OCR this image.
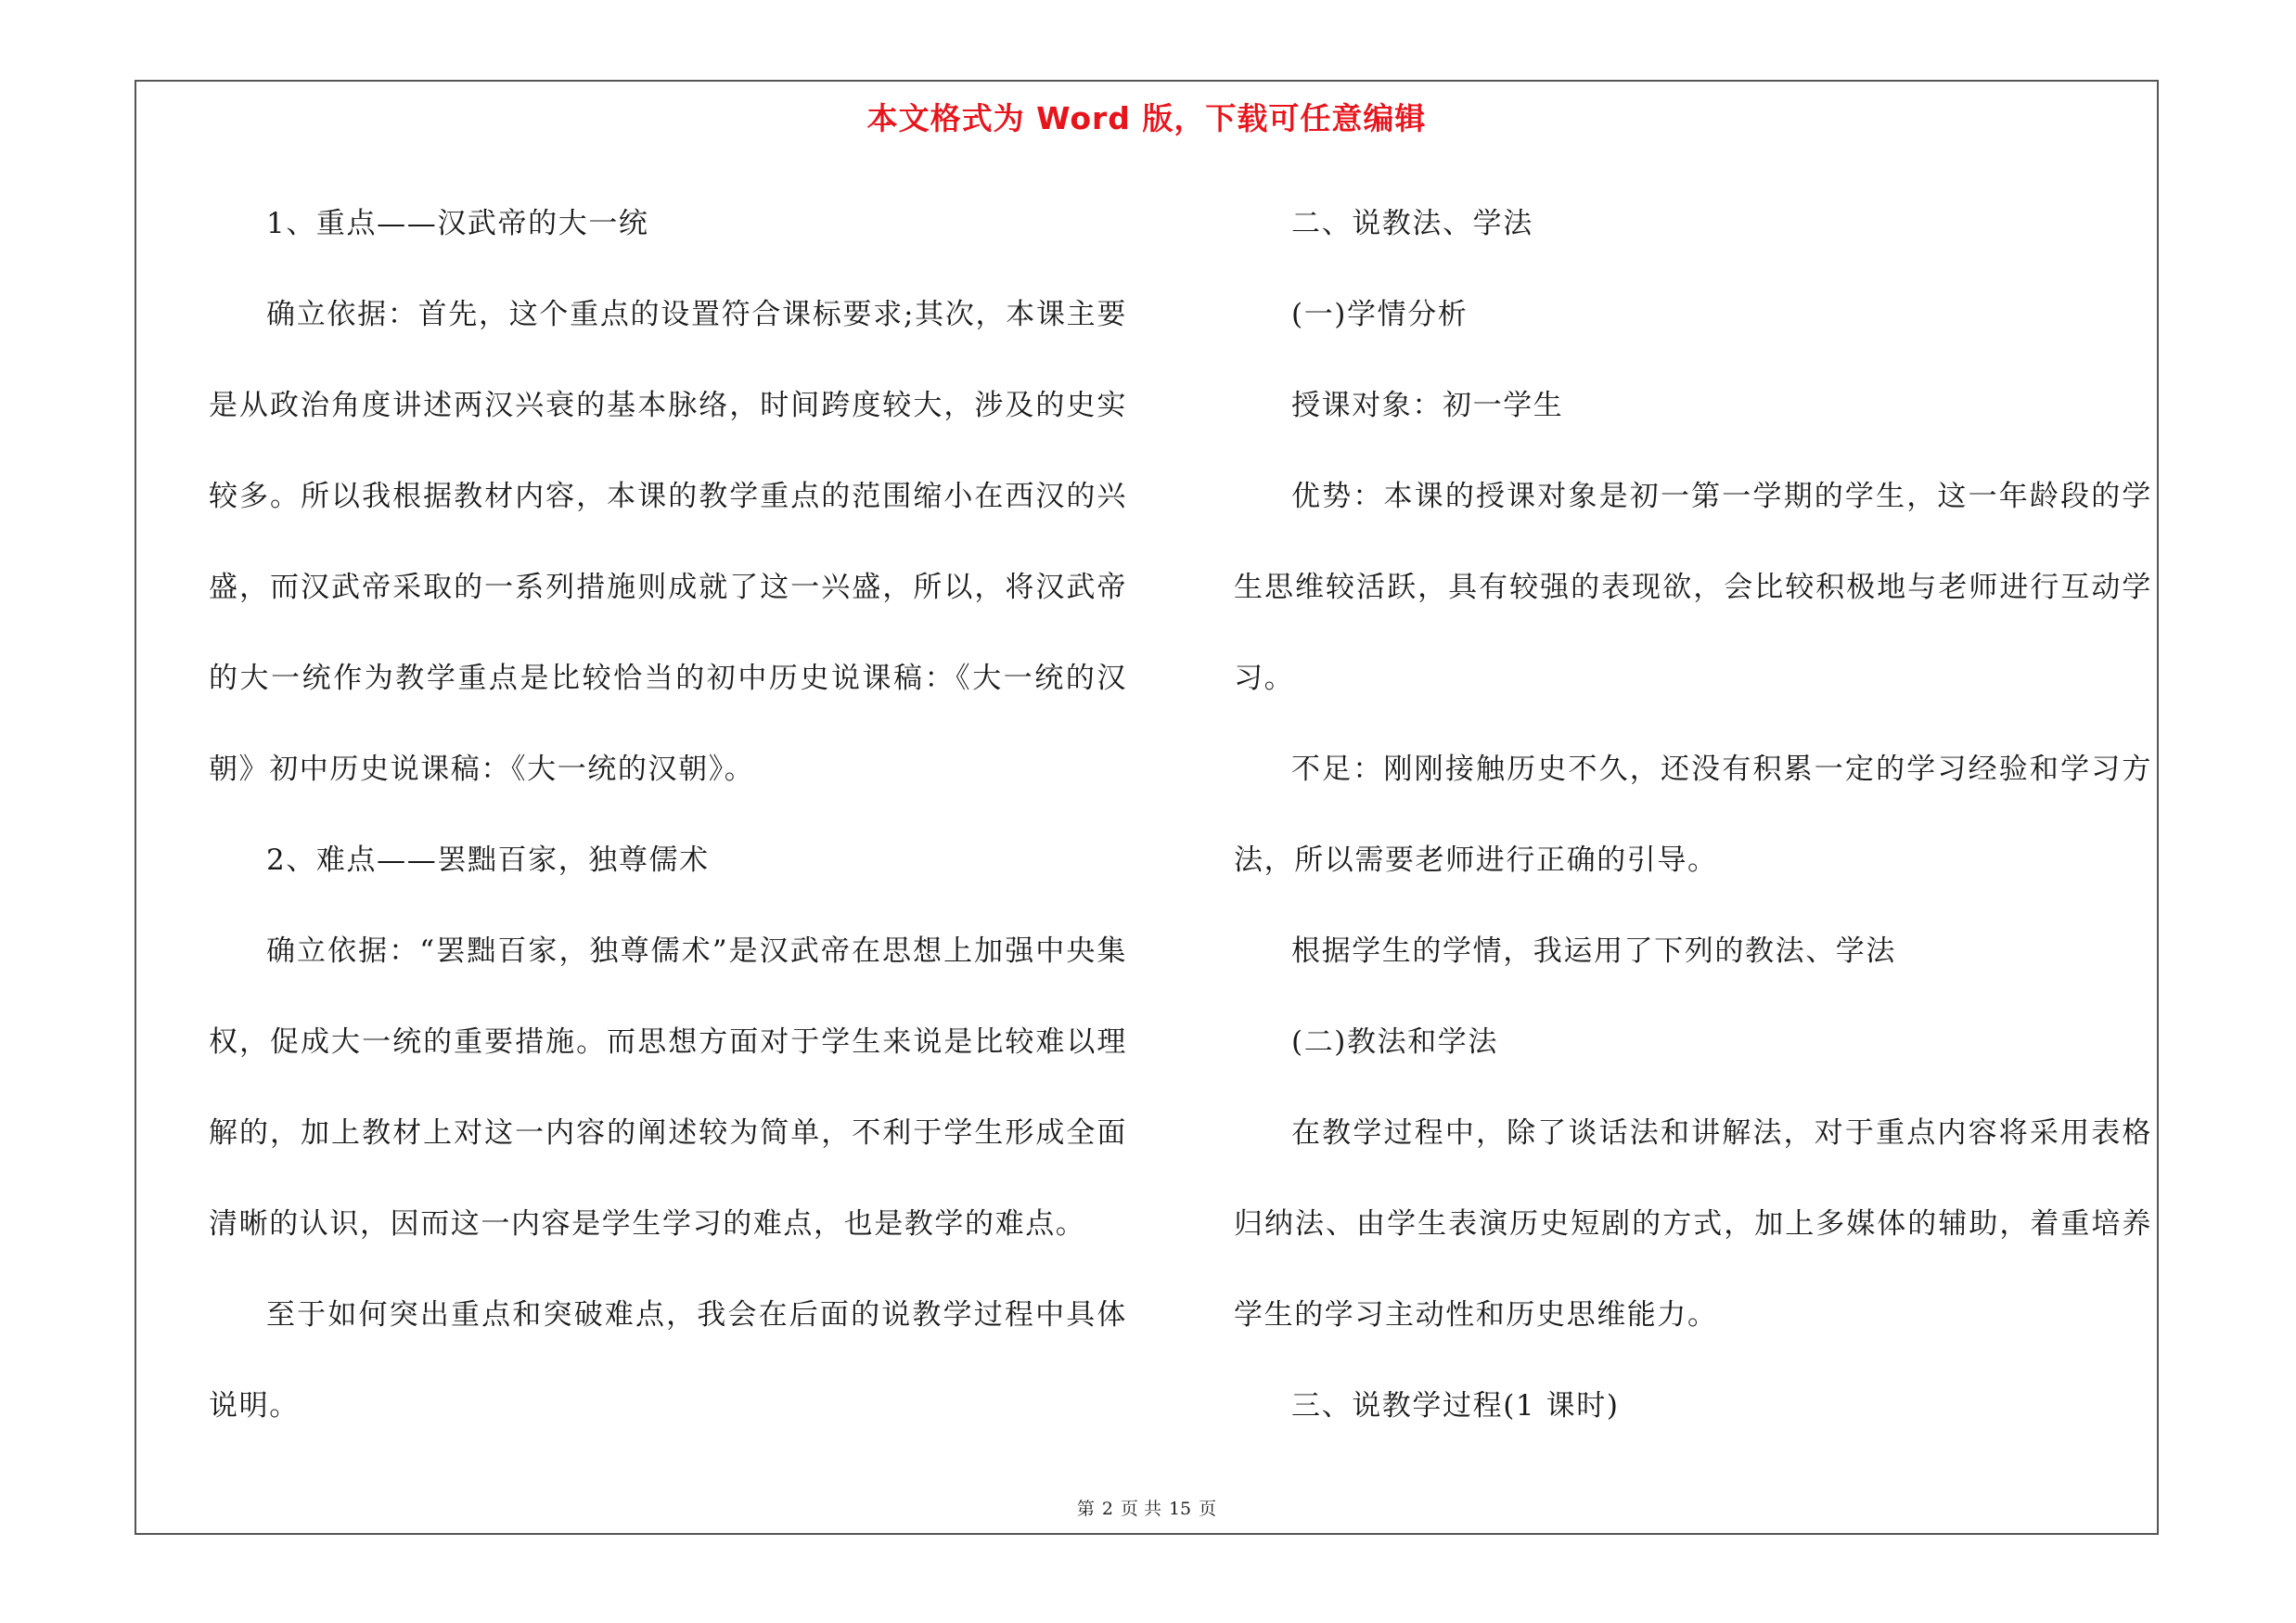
本文格式为 Word 版，下载可任意编辑

1、重点——汉武帝的大一统

确立依据：首先，这个重点的设置符合课标要求;其次，本课主要是从政治角度讲述两汉兴衰的基本脉络，时间跨度较大，涉及的史实较多。所以我根据教材内容，本课的教学重点的范围缩小在西汉的兴盛，而汉武帝采取的一系列措施则成就了这一兴盛，所以，将汉武帝的大一统作为教学重点是比较恰当的初中历史说课稿：《大一统的汉朝》初中历史说课稿：《大一统的汉朝》。

2、难点——罢黜百家，独尊儒术

确立依据：“罢黜百家，独尊儒术”是汉武帝在思想上加强中央集权，促成大一统的重要措施。而思想方面对于学生来说是比较难以理解的，加上教材上对这一内容的阐述较为简单，不利于学生形成全面清晰的认识，因而这一内容是学生学习的难点，也是教学的难点。

至于如何突出重点和突破难点，我会在后面的说教学过程中具体说明。

二、说教法、学法

(一)学情分析

授课对象：初一学生

优势：本课的授课对象是初一第一学期的学生，这一年龄段的学生思维较活跃，具有较强的表现欲，会比较积极地与老师进行互动学习。

不足：刚刚接触历史不久，还没有积累一定的学习经验和学习方法，所以需要老师进行正确的引导。

根据学生的学情，我运用了下列的教法、学法

(二)教法和学法

在教学过程中，除了谈话法和讲解法，对于重点内容将采用表格归纳法、由学生表演历史短剧的方式，加上多媒体的辅助，着重培养学生的学习主动性和历史思维能力。

三、说教学过程(1 课时)

第 2 页 共 15 页
